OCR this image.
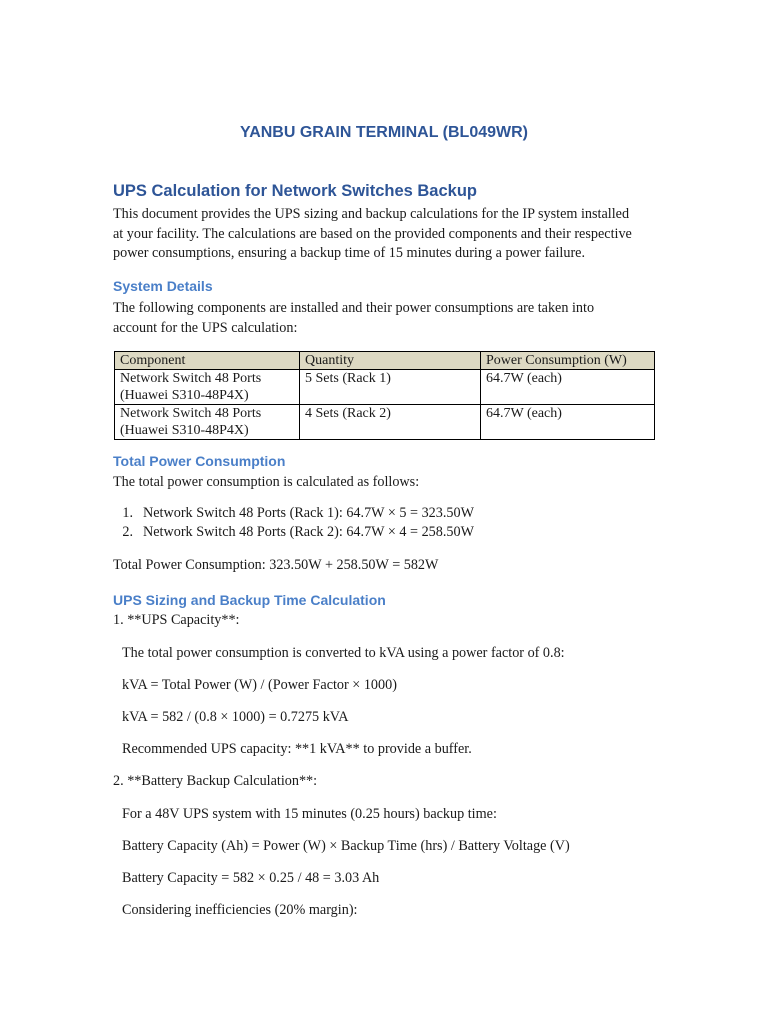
YANBU GRAIN TERMINAL (BL049WR)
UPS Calculation for Network Switches Backup
This document provides the UPS sizing and backup calculations for the IP system installed
at your facility. The calculations are based on the provided components and their respective
power consumptions, ensuring a backup time of 15 minutes during a power failure.
System Details
The following components are installed and their power consumptions are taken into
account for the UPS calculation:
Component	Quantity	Power Consumption (W)

Network Switch 48 Ports
(Huawei S310-48P4X)	5 Sets (Rack 1)	64.7W (each)

Network Switch 48 Ports
(Huawei S310-48P4X)	4 Sets (Rack 2)	64.7W (each)
Total Power Consumption
The total power consumption is calculated as follows:
1. Network Switch 48 Ports (Rack 1): 64.7W × 5 = 323.50W
2. Network Switch 48 Ports (Rack 2): 64.7W × 4 = 258.50W
Total Power Consumption: 323.50W + 258.50W = 582W
UPS Sizing and Backup Time Calculation
1. **UPS Capacity**:
The total power consumption is converted to kVA using a power factor of 0.8:
kVA = Total Power (W) / (Power Factor × 1000)
kVA = 582 / (0.8 × 1000) = 0.7275 kVA
Recommended UPS capacity: **1 kVA** to provide a buffer.
2. **Battery Backup Calculation**:
For a 48V UPS system with 15 minutes (0.25 hours) backup time:
Battery Capacity (Ah) = Power (W) × Backup Time (hrs) / Battery Voltage (V)
Battery Capacity = 582 × 0.25 / 48 = 3.03 Ah
Considering inefficiencies (20% margin):
